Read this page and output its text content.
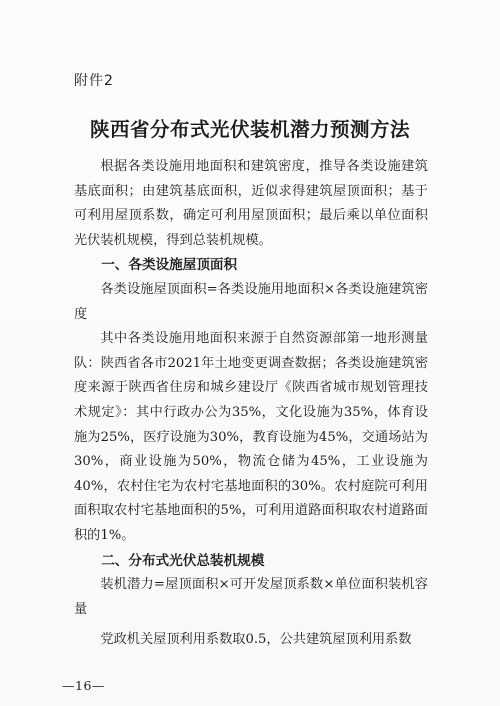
附件2
陕西省分布式光伏装机潜力预测方法

根据各类设施用地面积和建筑密度，推导各类设施建筑基底面积；由建筑基底面积，近似求得建筑屋顶面积；基于可利用屋顶系数，确定可利用屋顶面积；最后乘以单位面积光伏装机规模，得到总装机规模。

一、各类设施屋顶面积

各类设施屋顶面积=各类设施用地面积×各类设施建筑密度

其中各类设施用地面积来源于自然资源部第一地形测量队：陕西省各市2021年土地变更调查数据；各类设施建筑密度来源于陕西省住房和城乡建设厅《陕西省城市规划管理技术规定》：其中行政办公为35%，文化设施为35%，体育设施为25%，医疗设施为30%，教育设施为45%，交通场站为30%，商业设施为50%，物流仓储为45%，工业设施为40%，农村住宅为农村宅基地面积的30%。农村庭院可利用面积取农村宅基地面积的5%，可利用道路面积取农村道路面积的1%。

二、分布式光伏总装机规模

装机潜力=屋顶面积×可开发屋顶系数×单位面积装机容量

党政机关屋顶利用系数取0.5，公共建筑屋顶利用系数

—16—
